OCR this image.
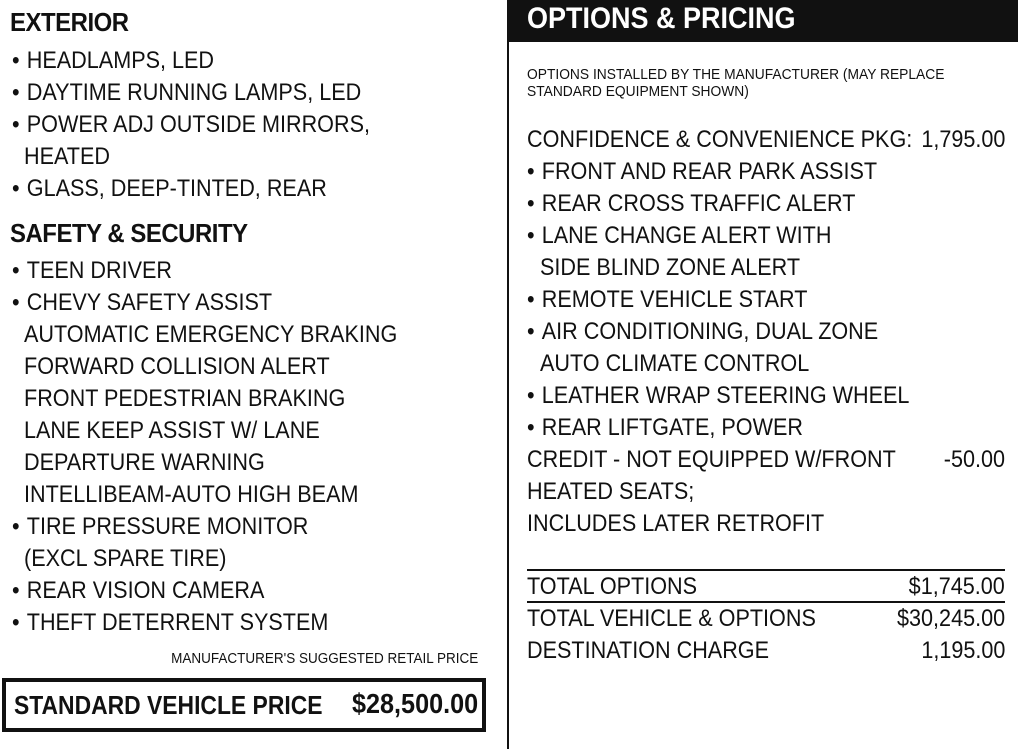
EXTERIOR
• HEADLAMPS, LED
• DAYTIME RUNNING LAMPS, LED
• POWER ADJ OUTSIDE MIRRORS,
HEATED
• GLASS, DEEP-TINTED, REAR
SAFETY & SECURITY
• TEEN DRIVER
• CHEVY SAFETY ASSIST
AUTOMATIC EMERGENCY BRAKING
FORWARD COLLISION ALERT
FRONT PEDESTRIAN BRAKING
LANE KEEP ASSIST W/ LANE
DEPARTURE WARNING
INTELLIBEAM-AUTO HIGH BEAM
• TIRE PRESSURE MONITOR
(EXCL SPARE TIRE)
• REAR VISION CAMERA
• THEFT DETERRENT SYSTEM
MANUFACTURER'S SUGGESTED RETAIL PRICE
STANDARD VEHICLE PRICE $28,500.00
OPTIONS & PRICING
OPTIONS INSTALLED BY THE MANUFACTURER (MAY REPLACE
STANDARD EQUIPMENT SHOWN)
CONFIDENCE & CONVENIENCE PKG: 1,795.00
• FRONT AND REAR PARK ASSIST
• REAR CROSS TRAFFIC ALERT
• LANE CHANGE ALERT WITH
SIDE BLIND ZONE ALERT
• REMOTE VEHICLE START
• AIR CONDITIONING, DUAL ZONE
AUTO CLIMATE CONTROL
• LEATHER WRAP STEERING WHEEL
• REAR LIFTGATE, POWER
CREDIT - NOT EQUIPPED W/FRONT -50.00
HEATED SEATS;
INCLUDES LATER RETROFIT
TOTAL OPTIONS	$1,745.00
TOTAL VEHICLE & OPTIONS	$30,245.00
DESTINATION CHARGE	1,195.00
